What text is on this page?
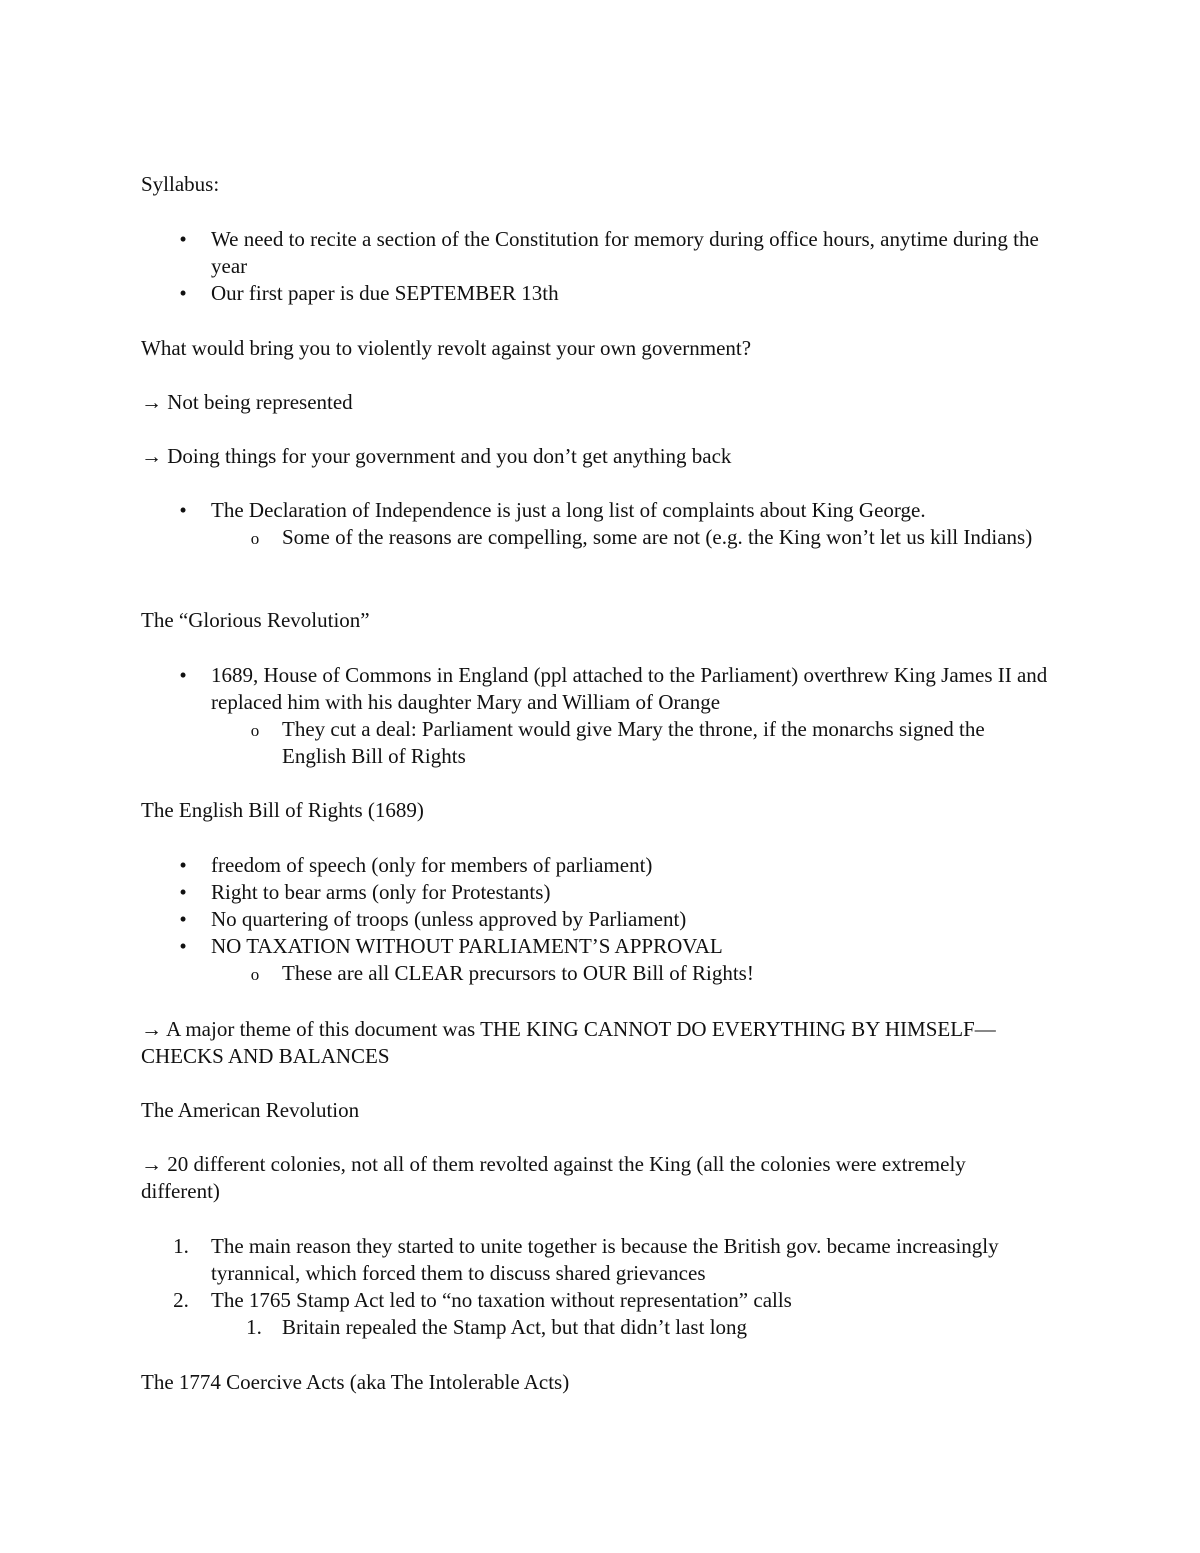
Syllabus:

•	We need to recite a section of the Constitution for memory during office hours, anytime during the year
•	Our first paper is due SEPTEMBER 13th

What would bring you to violently revolt against your own government?

→ Not being represented

→ Doing things for your government and you don’t get anything back

•	The Declaration of Independence is just a long list of complaints about King George.
o Some of the reasons are compelling, some are not (e.g. the King won’t let us kill Indians)

The “Glorious Revolution”

•	1689, House of Commons in England (ppl attached to the Parliament) overthrew King James II and replaced him with his daughter Mary and William of Orange
o They cut a deal: Parliament would give Mary the throne, if the monarchs signed the English Bill of Rights

The English Bill of Rights (1689)

•	freedom of speech (only for members of parliament)
•	Right to bear arms (only for Protestants)
•	No quartering of troops (unless approved by Parliament)
•	NO TAXATION WITHOUT PARLIAMENT’S APPROVAL
o These are all CLEAR precursors to OUR Bill of Rights!

→ A major theme of this document was THE KING CANNOT DO EVERYTHING BY HIMSELF—CHECKS AND BALANCES

The American Revolution

→ 20 different colonies, not all of them revolted against the King (all the colonies were extremely different)

1. The main reason they started to unite together is because the British gov. became increasingly tyrannical, which forced them to discuss shared grievances
2. The 1765 Stamp Act led to “no taxation without representation” calls
1. Britain repealed the Stamp Act, but that didn’t last long

The 1774 Coercive Acts (aka The Intolerable Acts)
